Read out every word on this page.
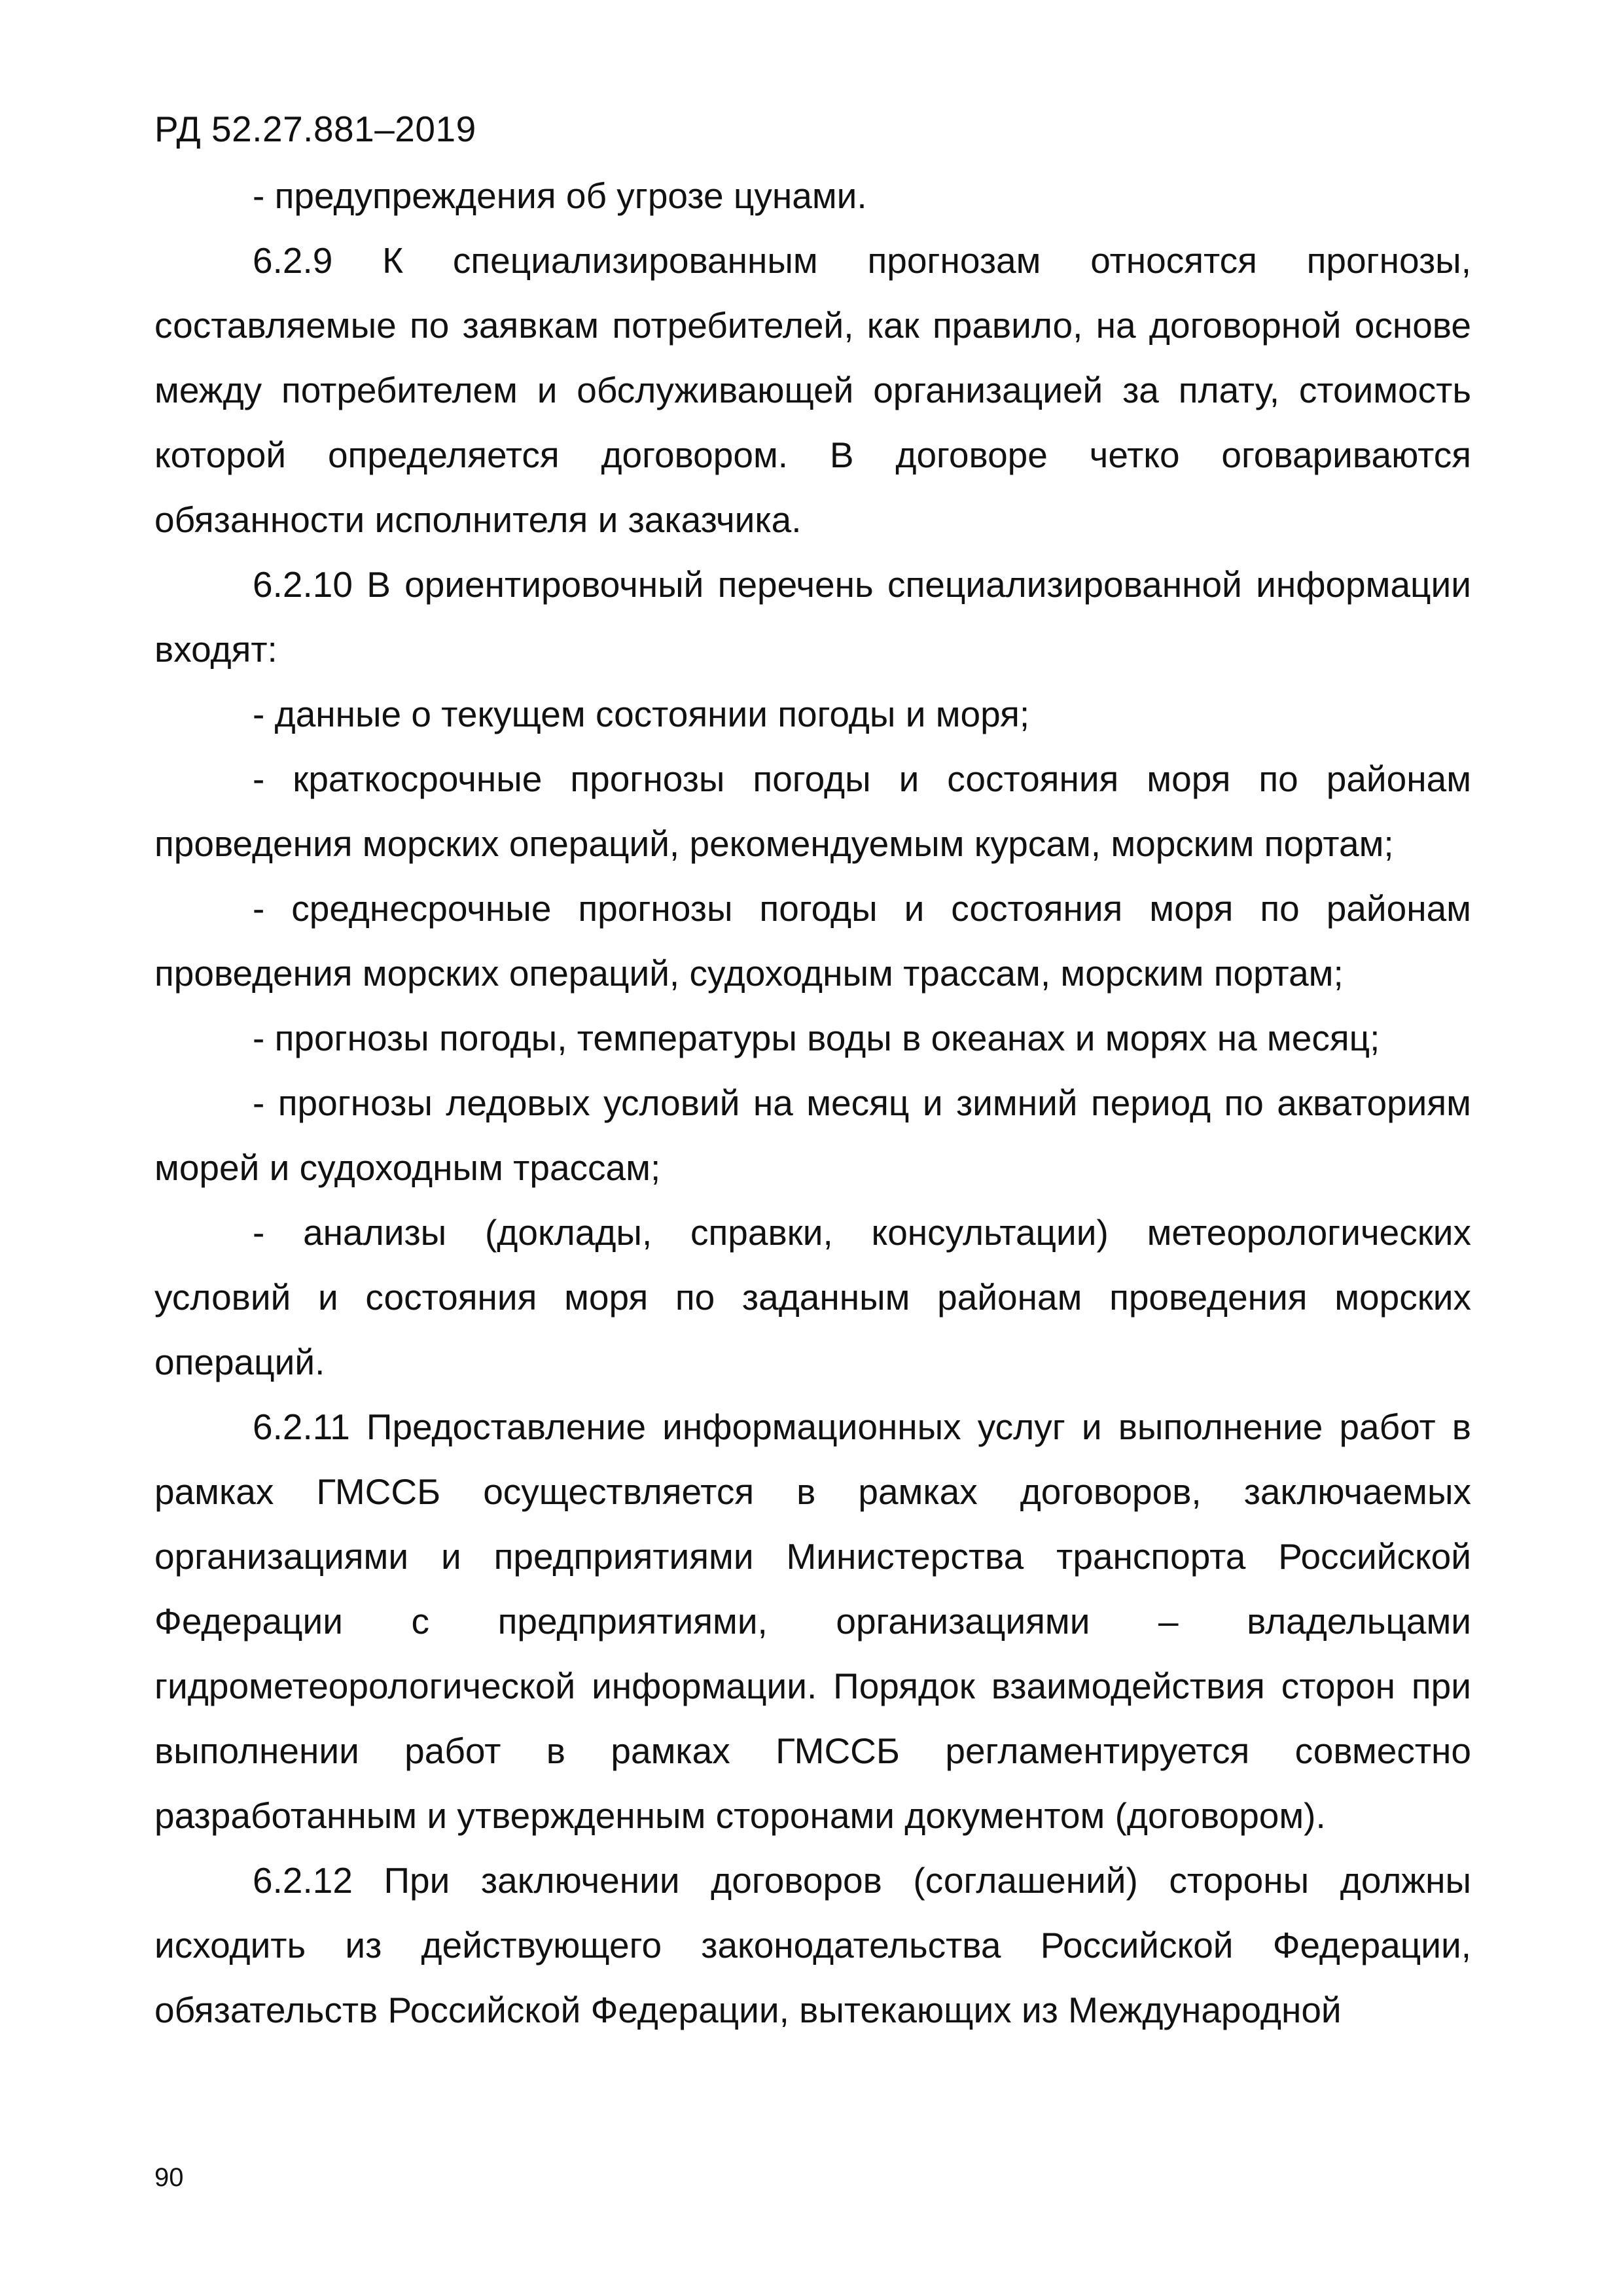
РД 52.27.881–2019

- предупреждения об угрозе цунами.

6.2.9 К специализированным прогнозам относятся прогнозы, составляемые по заявкам потребителей, как правило, на договорной основе между потребителем и обслуживающей организацией за плату, стоимость которой определяется договором. В договоре четко оговариваются обязанности исполнителя и заказчика.

6.2.10 В ориентировочный перечень специализированной информации входят:

- данные о текущем состоянии погоды и моря;

- краткосрочные прогнозы погоды и состояния моря по районам проведения морских операций, рекомендуемым курсам, морским портам;

- среднесрочные прогнозы погоды и состояния моря по районам проведения морских операций, судоходным трассам, морским портам;

- прогнозы погоды, температуры воды в океанах и морях на месяц;

- прогнозы ледовых условий на месяц и зимний период по акваториям морей и судоходным трассам;

- анализы (доклады, справки, консультации) метеорологических условий и состояния моря по заданным районам проведения морских операций.

6.2.11 Предоставление информационных услуг и выполнение работ в рамках ГМССБ осуществляется в рамках договоров, заключаемых организациями и предприятиями Министерства транспорта Российской Федерации с предприятиями, организациями – владельцами гидрометеорологической информации. Порядок взаимодействия сторон при выполнении работ в рамках ГМССБ регламентируется совместно разработанным и утвержденным сторонами документом (договором).

6.2.12 При заключении договоров (соглашений) стороны должны исходить из действующего законодательства Российской Федерации, обязательств Российской Федерации, вытекающих из Международной

90
